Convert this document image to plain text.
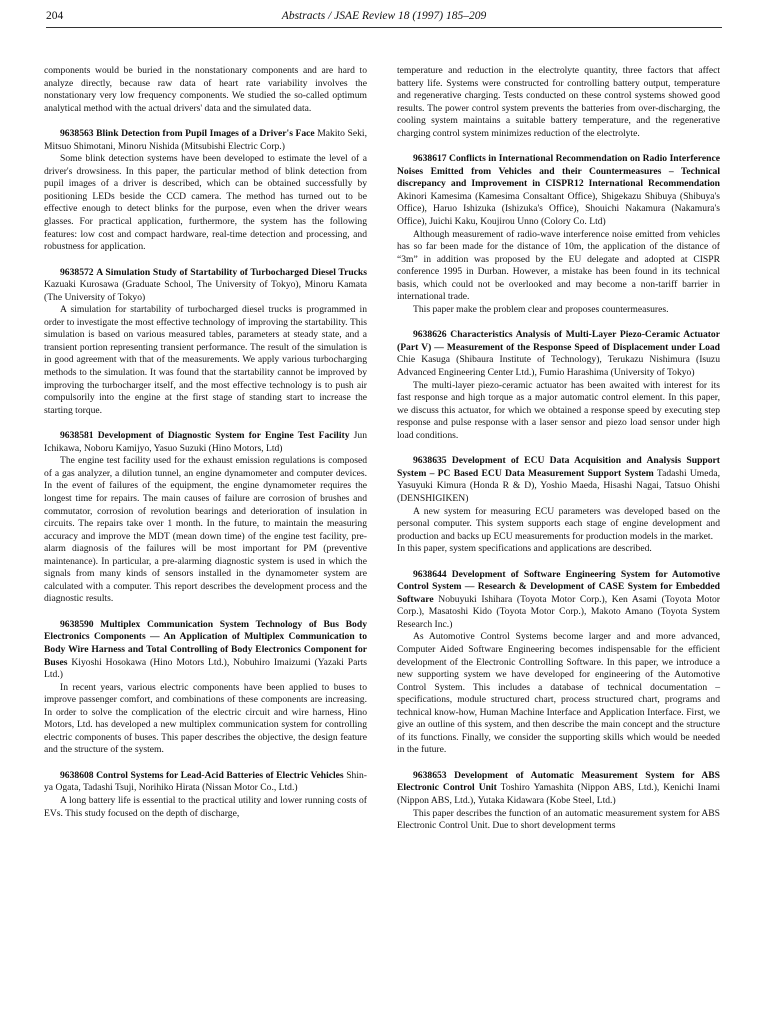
204	Abstracts / JSAE Review 18 (1997) 185–209

components would be buried in the nonstationary components and are hard to analyze directly, because raw data of heart rate variability involves the nonstationary very low frequency components. We studied the so-called optimum analytical method with the actual drivers' data and the simulated data.

9638563 Blink Detection from Pupil Images of a Driver's Face Makito Seki, Mitsuo Shimotani, Minoru Nishida (Mitsubishi Electric Corp.)

Some blink detection systems have been developed to estimate the level of a driver's drowsiness. In this paper, the particular method of blink detection from pupil images of a driver is described, which can be obtained successfully by positioning LEDs beside the CCD camera. The method has turned out to be effective enough to detect blinks for the purpose, even when the driver wears glasses. For practical application, furthermore, the system has the following features: low cost and compact hardware, real-time detection and processing, and robustness for application.

9638572 A Simulation Study of Startability of Turbocharged Diesel Trucks Kazuaki Kurosawa (Graduate School, The University of Tokyo), Minoru Kamata (The University of Tokyo)

A simulation for startability of turbocharged diesel trucks is programmed in order to investigate the most effective technology of improving the startability. This simulation is based on various measured tables, parameters at steady state, and a transient portion representing transient performance. The result of the simulation is in good agreement with that of the measurements. We apply various turbocharging methods to the simulation. It was found that the startability cannot be improved by improving the turbocharger itself, and the most effective technology is to push air compulsorily into the engine at the first stage of standing start to increase the starting torque.

9638581 Development of Diagnostic System for Engine Test Facility Jun Ichikawa, Noboru Kamijyo, Yasuo Suzuki (Hino Motors, Ltd)

The engine test facility used for the exhaust emission regulations is composed of a gas analyzer, a dilution tunnel, an engine dynamometer and computer devices. In the event of failures of the equipment, the engine dynamometer requires the longest time for repairs. The main causes of failure are corrosion of brushes and commutator, corrosion of revolution bearings and deterioration of insulation in circuits. The repairs take over 1 month. In the future, to maintain the measuring accuracy and improve the MDT (mean down time) of the engine test facility, pre-alarm diagnosis of the failures will be most important for PM (preventive maintenance). In particular, a pre-alarming diagnostic system is used in which the signals from many kinds of sensors installed in the dynamometer system are calculated with a computer. This report describes the development process and the diagnostic results.

9638590 Multiplex Communication System Technology of Bus Body Electronics Components — An Application of Multiplex Communication to Body Wire Harness and Total Controlling of Body Electronics Component for Buses Kiyoshi Hosokawa (Hino Motors Ltd.), Nobuhiro Imaizumi (Yazaki Parts Ltd.)

In recent years, various electric components have been applied to buses to improve passenger comfort, and combinations of these components are increasing. In order to solve the complication of the electric circuit and wire harness, Hino Motors, Ltd. has developed a new multiplex communication system for controlling electric components of buses. This paper describes the objective, the design feature and the structure of the system.

9638608 Control Systems for Lead-Acid Batteries of Electric Vehicles Shin-ya Ogata, Tadashi Tsuji, Norihiko Hirata (Nissan Motor Co., Ltd.)

A long battery life is essential to the practical utility and lower running costs of EVs. This study focused on the depth of discharge,

temperature and reduction in the electrolyte quantity, three factors that affect battery life. Systems were constructed for controlling battery output, temperature and regenerative charging. Tests conducted on these control systems showed good results. The power control system prevents the batteries from over-discharging, the cooling system maintains a suitable battery temperature, and the regenerative charging control system minimizes reduction of the electrolyte.

9638617 Conflicts in International Recommendation on Radio Interference Noises Emitted from Vehicles and their Countermeasures – Technical discrepancy and Improvement in CISPR12 International Recommendation Akinori Kamesima (Kamesima Consaltant Office), Shigekazu Shibuya (Shibuya's Office), Haruo Ishizuka (Ishizuka's Office), Shouichi Nakamura (Nakamura's Office), Juichi Kaku, Koujirou Unno (Colory Co. Ltd)

Although measurement of radio-wave interference noise emitted from vehicles has so far been made for the distance of 10m, the application of the distance of “3m” in addition was proposed by the EU delegate and adopted at CISPR conference 1995 in Durban. However, a mistake has been found in its technical basis, which could not be overlooked and may become a non-tariff barrier in international trade.

This paper make the problem clear and proposes countermeasures.

9638626 Characteristics Analysis of Multi-Layer Piezo-Ceramic Actuator (Part V) — Measurement of the Response Speed of Displacement under Load Chie Kasuga (Shibaura Institute of Technology), Terukazu Nishimura (Isuzu Advanced Engineering Center Ltd.), Fumio Harashima (University of Tokyo)

The multi-layer piezo-ceramic actuator has been awaited with interest for its fast response and high torque as a major automatic control element. In this paper, we discuss this actuator, for which we obtained a response speed by executing step response and pulse response with a laser sensor and piezo load sensor under high load conditions.

9638635 Development of ECU Data Acquisition and Analysis Support System – PC Based ECU Data Measurement Support System Tadashi Umeda, Yasuyuki Kimura (Honda R & D), Yoshio Maeda, Hisashi Nagai, Tatsuo Ohishi (DENSHIGIKEN)

A new system for measuring ECU parameters was developed based on the personal computer. This system supports each stage of engine development and production and backs up ECU measurements for production models in the market.

In this paper, system specifications and applications are described.

9638644 Development of Software Engineering System for Automotive Control System — Research & Development of CASE System for Embedded Software Nobuyuki Ishihara (Toyota Motor Corp.), Ken Asami (Toyota Motor Corp.), Masatoshi Kido (Toyota Motor Corp.), Makoto Amano (Toyota System Research Inc.)

As Automotive Control Systems become larger and and more advanced, Computer Aided Software Engineering becomes indispensable for the efficient development of the Electronic Controlling Software. In this paper, we introduce a new supporting system we have developed for engineering of the Automotive Control System. This includes a database of technical documentation – specifications, module structured chart, process structured chart, programs and technical know-how, Human Machine Interface and Application Interface. First, we give an outline of this system, and then describe the main concept and the structure of its functions. Finally, we consider the supporting skills which would be needed in the future.

9638653 Development of Automatic Measurement System for ABS Electronic Control Unit Toshiro Yamashita (Nippon ABS, Ltd.), Kenichi Inami (Nippon ABS, Ltd.), Yutaka Kidawara (Kobe Steel, Ltd.)

This paper describes the function of an automatic measurement system for ABS Electronic Control Unit. Due to short development terms
